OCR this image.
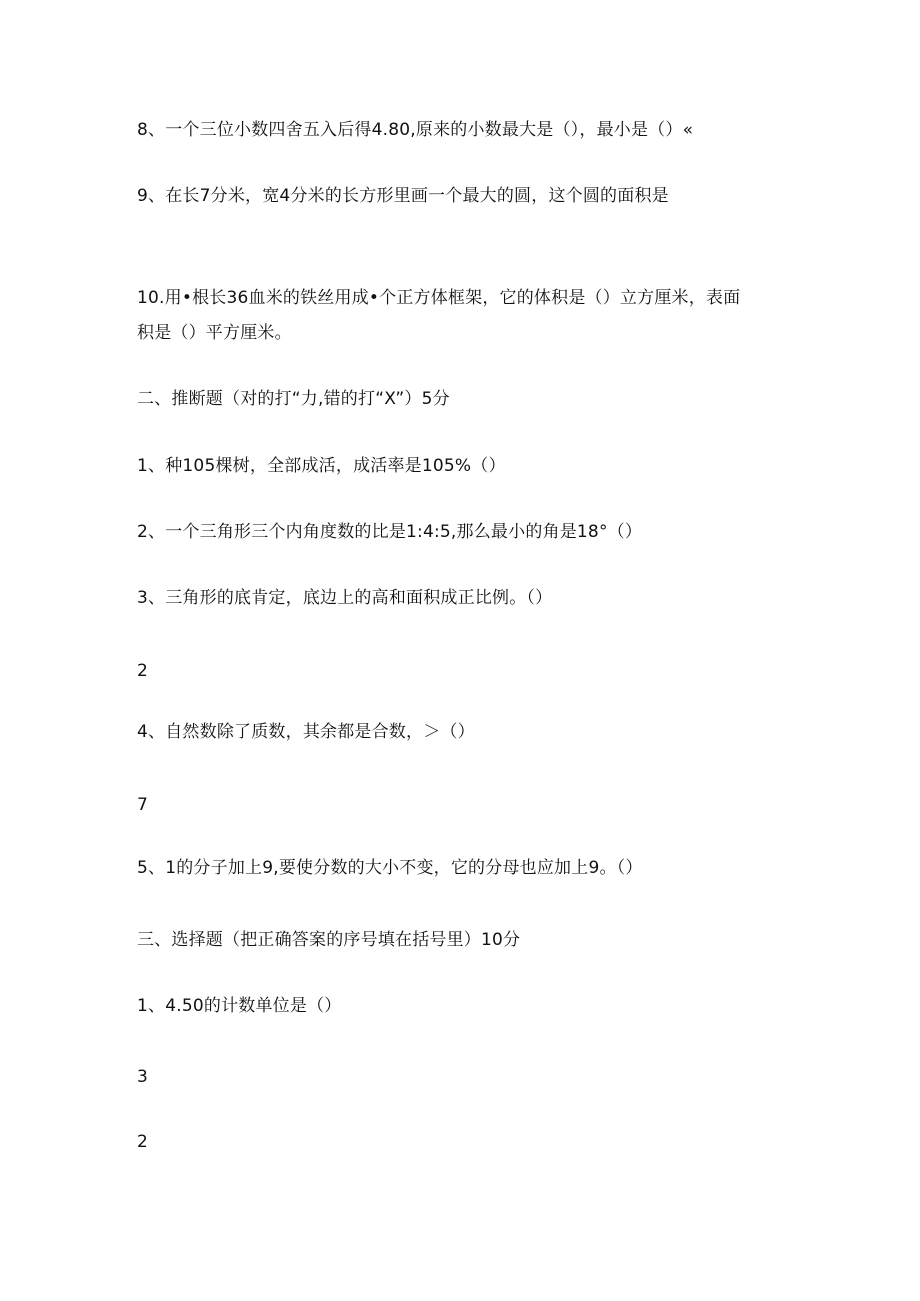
8、一个三位小数四舍五入后得4.80,原来的小数最大是（），最小是（）«
9、在长7分米，宽4分米的长方形里画一个最大的圆，这个圆的面积是
10.用•根长36血米的铁丝用成•个正方体框架，它的体积是（）立方厘米，表面
积是（）平方厘米。
二、推断题（对的打“力,错的打“X”）5分
1、种105棵树，全部成活，成活率是105%（）
2、一个三角形三个内角度数的比是1:4:5,那么最小的角是18°（）
3、三角形的底肯定，底边上的高和面积成正比例。（）
2
4、自然数除了质数，其余都是合数，＞（）
7
5、1的分子加上9,要使分数的大小不变，它的分母也应加上9。（）
三、选择题（把正确答案的序号填在括号里）10分
1、4.50的计数单位是（）
3
2
